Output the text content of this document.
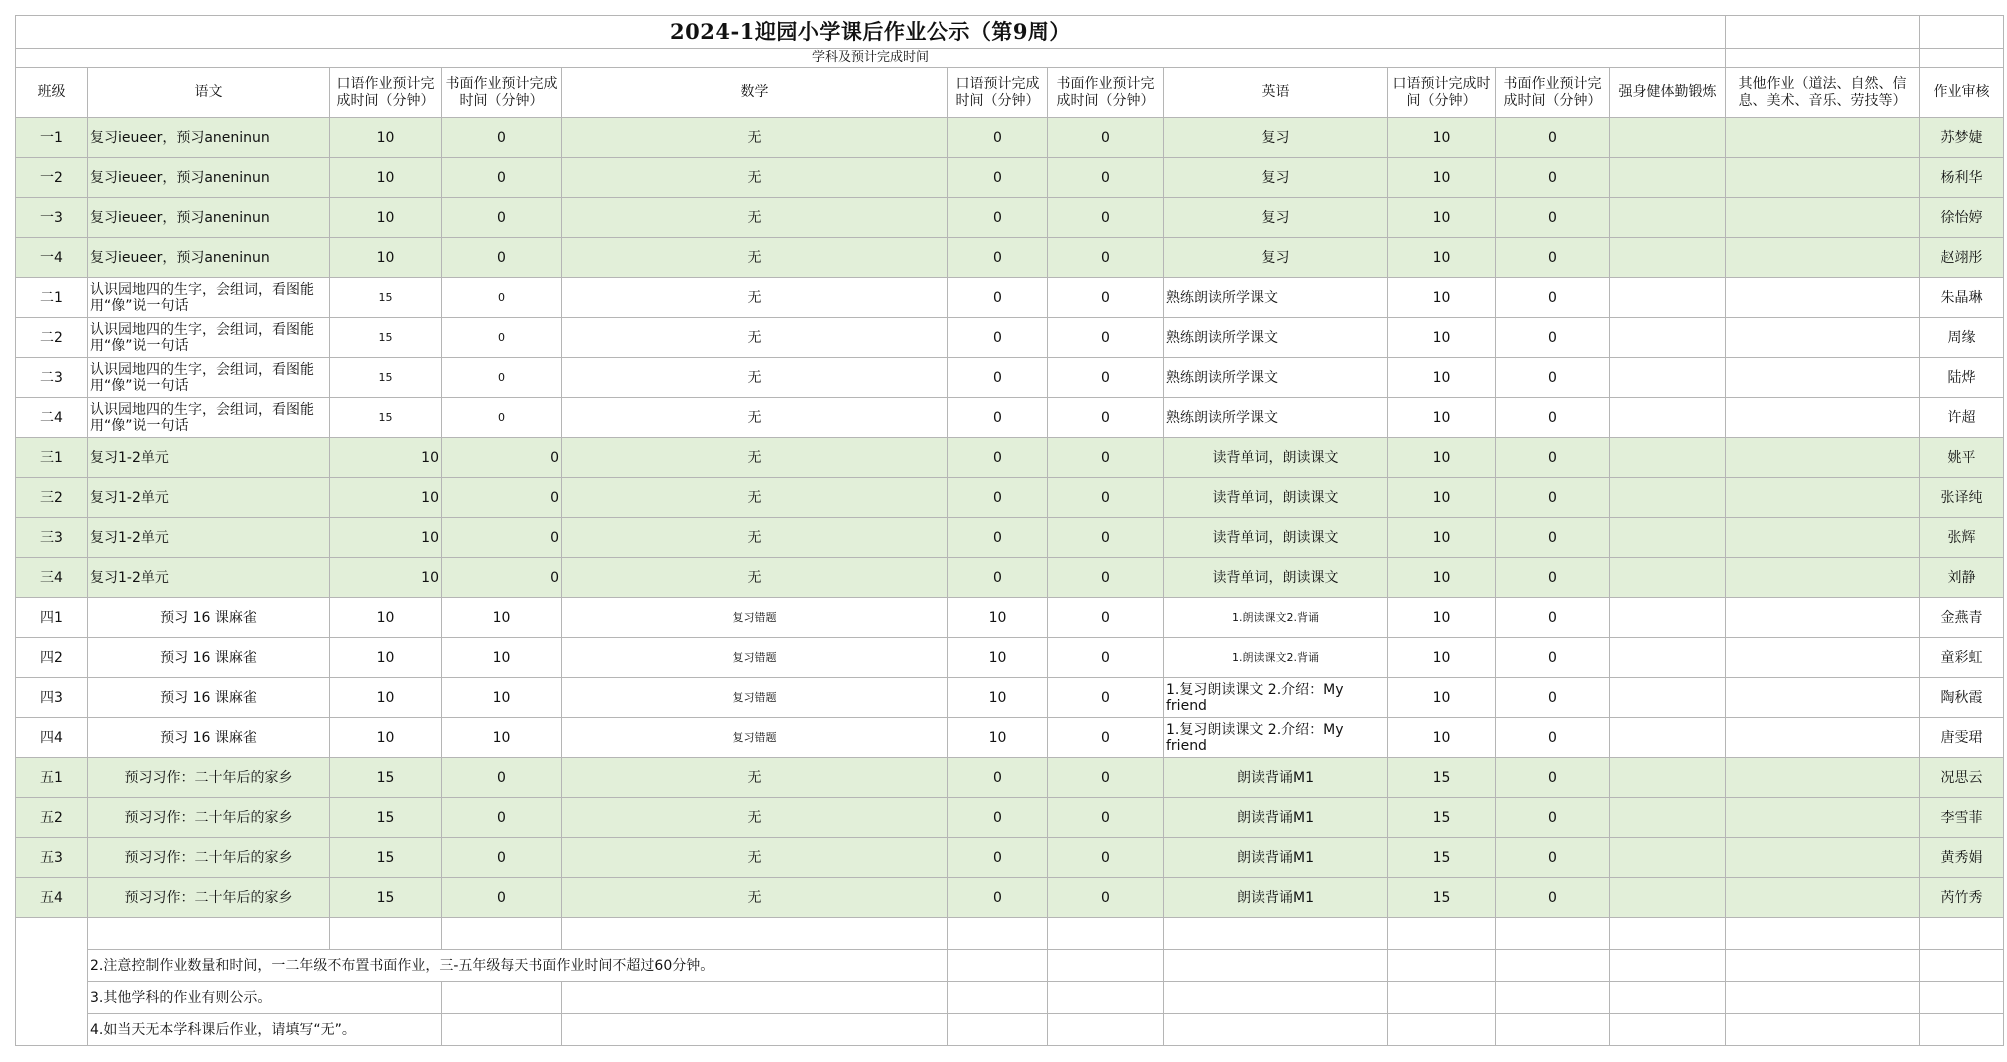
2024-1迎园小学课后作业公示（第9周）												
学科及预计完成时间												
班级	语文	口语作业预计完成时间（分钟）	书面作业预计完成时间（分钟）	数学	口语预计完成时间（分钟）	书面作业预计完成时间（分钟）	英语	口语预计完成时间（分钟）	书面作业预计完成时间（分钟）	强身健体勤锻炼	其他作业（道法、自然、信息、美术、音乐、劳技等）	作业审核
一1	复习ieueer，预习aneninun	10	0	无	0	0	复习	10	0			苏梦婕
一2	复习ieueer，预习aneninun	10	0	无	0	0	复习	10	0			杨利华
一3	复习ieueer，预习aneninun	10	0	无	0	0	复习	10	0			徐怡婷
一4	复习ieueer，预习aneninun	10	0	无	0	0	复习	10	0			赵翊彤
二1	认识园地四的生字，会组词，看图能用“像”说一句话	15	0	无	0	0	熟练朗读所学课文	10	0			朱晶琳
二2	认识园地四的生字，会组词，看图能用“像”说一句话	15	0	无	0	0	熟练朗读所学课文	10	0			周缘
二3	认识园地四的生字，会组词，看图能用“像”说一句话	15	0	无	0	0	熟练朗读所学课文	10	0			陆烨
二4	认识园地四的生字，会组词，看图能用“像”说一句话	15	0	无	0	0	熟练朗读所学课文	10	0			许超
三1	复习1-2单元	10	0	无	0	0	读背单词，朗读课文	10	0			姚平
三2	复习1-2单元	10	0	无	0	0	读背单词，朗读课文	10	0			张译纯
三3	复习1-2单元	10	0	无	0	0	读背单词，朗读课文	10	0			张辉
三4	复习1-2单元	10	0	无	0	0	读背单词，朗读课文	10	0			刘静
四1	预习 16 课麻雀	10	10	复习错题	10	0	1.朗读课文2.背诵	10	0			金燕青
四2	预习 16 课麻雀	10	10	复习错题	10	0	1.朗读课文2.背诵	10	0			童彩虹
四3	预习 16 课麻雀	10	10	复习错题	10	0	1.复习朗读课文 2.介绍：My friend	10	0			陶秋霞
四4	预习 16 课麻雀	10	10	复习错题	10	0	1.复习朗读课文 2.介绍：My friend	10	0			唐雯珺
五1	预习习作：二十年后的家乡	15	0	无	0	0	朗读背诵M1	15	0			况思云
五2	预习习作：二十年后的家乡	15	0	无	0	0	朗读背诵M1	15	0			李雪菲
五3	预习习作：二十年后的家乡	15	0	无	0	0	朗读背诵M1	15	0			黄秀娟
五4	预习习作：二十年后的家乡	15	0	无	0	0	朗读背诵M1	15	0			芮竹秀

	2.注意控制作业数量和时间，一二年级不布置书面作业，三-五年级每天书面作业时间不超过60分钟。											
	3.其他学科的作业有则公示。											
	4.如当天无本学科课后作业，请填写“无”。											
